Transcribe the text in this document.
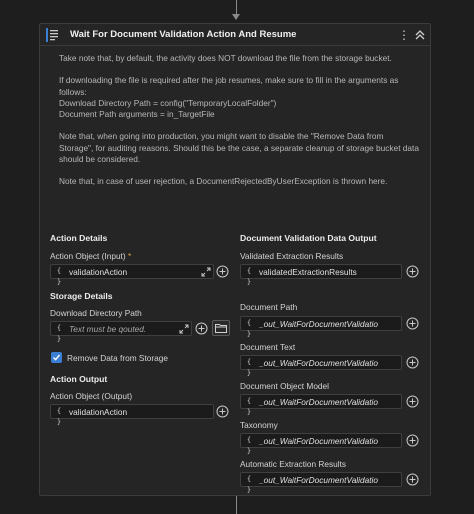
Wait For Document Validation Action And Resume	⋮

Take note that, by default, the activity does NOT download the file from the storage bucket.

If downloading the file is required after the job resumes, make sure to fill in the arguments as follows:
Download Directory Path = config("TemporaryLocalFolder")
Document Path arguments = in_TargetFile

Note that, when going into production, you might want to disable the "Remove Data from Storage", for auditing reasons. Should this be the case, a separate cleanup of storage bucket data should be considered.

Note that, in case of user rejection, a DocumentRejectedByUserException is thrown here.

Action Details
Action Object (Input) *
{ }
validationAction
Storage Details
Download Directory Path
{ }
Text must be qouted.
Remove Data from Storage
Action Output
Action Object (Output)
{ }
validationAction
Document Validation Data Output
Validated Extraction Results
{ }
validatedExtractionResults
Document Path
{ }
_out_WaitForDocumentValidatio
Document Text
{ }
_out_WaitForDocumentValidatio
Document Object Model
{ }
_out_WaitForDocumentValidatio
Taxonomy
{ }
_out_WaitForDocumentValidatio
Automatic Extraction Results
{ }
_out_WaitForDocumentValidatio
